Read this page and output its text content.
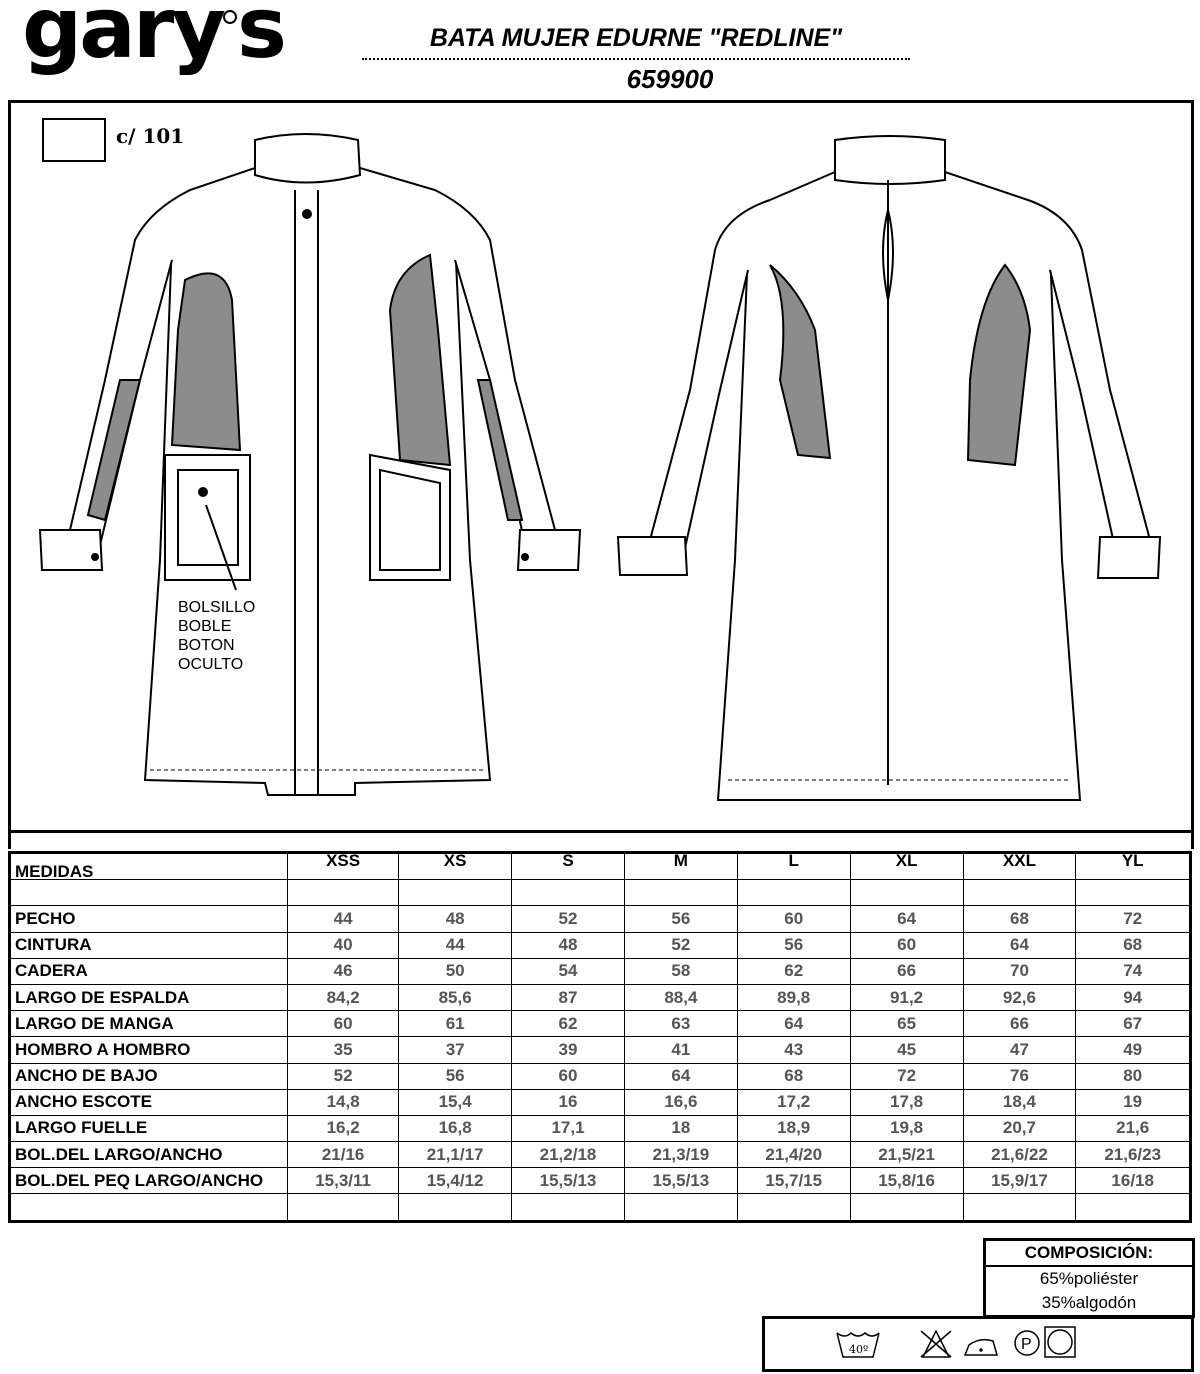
gary s	BATA MUJER EDURNE "REDLINE"
659900
c/ 101
BOLSILLO
BOBLE
BOTON
OCULTO
MEDIDAS	XSS	XS	S	M	L	XL	XXL	YL

PECHO	44	48	52	56	60	64	68	72
CINTURA	40	44	48	52	56	60	64	68
CADERA	46	50	54	58	62	66	70	74
LARGO DE ESPALDA	84,2	85,6	87	88,4	89,8	91,2	92,6	94
LARGO DE MANGA	60	61	62	63	64	65	66	67
HOMBRO A HOMBRO	35	37	39	41	43	45	47	49
ANCHO DE BAJO	52	56	60	64	68	72	76	80
ANCHO ESCOTE	14,8	15,4	16	16,6	17,2	17,8	18,4	19
LARGO FUELLE	16,2	16,8	17,1	18	18,9	19,8	20,7	21,6
BOL.DEL LARGO/ANCHO	21/16	21,1/17	21,2/18	21,3/19	21,4/20	21,5/21	21,6/22	21,6/23
BOL.DEL PEQ LARGO/ANCHO	15,3/11	15,4/12	15,5/13	15,5/13	15,7/15	15,8/16	15,9/17	16/18

COMPOSICIÓN:
65%poliéster
35%algodón
40º	P
